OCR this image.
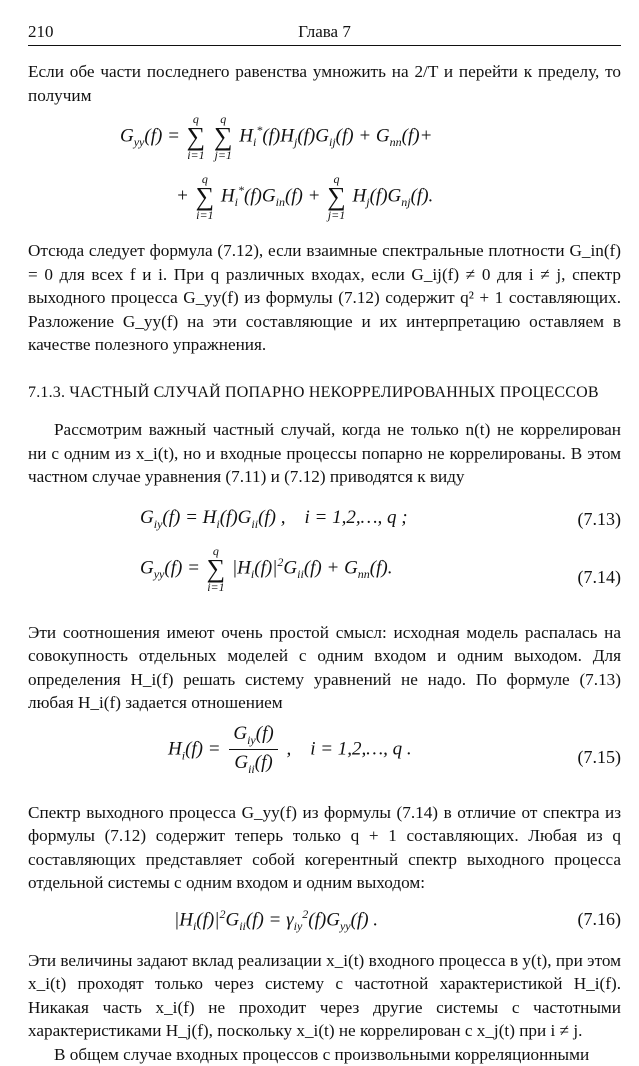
210	Глава 7

Если обе части последнего равенства умножить на 2/T и перейти к пределу, то получим

$G_{yy}(f)$ =
q
∑
i=1

q
∑
j=1
$H_i^*(f)H_j(f)G_{ij}(f) + G_{nn}(f)+$
+
q
∑
i=1
$H_i^*(f)G_{in}(f)$ +
q
∑
j=1
$H_j(f)G_{nj}(f)$.

Отсюда следует формула (7.12), если взаимные спектральные плотности G_in(f) = 0 для всех f и i. При q различных входах, если G_ij(f) ≠ 0 для i ≠ j, спектр выходного процесса G_yy(f) из формулы (7.12) содержит q² + 1 составляющих. Разложение G_yy(f) на эти составляющие и их интерпретацию оставляем в качестве полезного упражнения.

7.1.3. ЧАСТНЫЙ СЛУЧАЙ ПОПАРНО НЕКОРРЕЛИРОВАННЫХ ПРОЦЕССОВ

Рассмотрим важный частный случай, когда не только n(t) не коррелирован ни с одним из x_i(t), но и входные процессы попарно не коррелированы. В этом частном случае уравнения (7.11) и (7.12) приводятся к виду

$G_{iy}(f) = H_i(f)G_{ii}(f)$ ,    i = 1,2,…, q ;	(7.13)
$G_{yy}(f)$ =
q
∑
i=1
$|H_i(f)|^2G_{ii}(f) + G_{nn}(f)$.	(7.14)

Эти соотношения имеют очень простой смысл: исходная модель распалась на совокупность отдельных моделей с одним входом и одним выходом. Для определения H_i(f) решать систему уравнений не надо. По формуле (7.13) любая H_i(f) задается отношением

$H_i(f) = \frac{G_{iy}(f)}{G_{ii}(f)}$ ,    i = 1,2,…, q .	(7.15)

Спектр выходного процесса G_yy(f) из формулы (7.14) в отличие от спектра из формулы (7.12) содержит теперь только q + 1 составляющих. Любая из q составляющих представляет собой когерентный спектр выходного процесса отдельной системы с одним входом и одним выходом:

$|H_i(f)|^2G_{ii}(f) = \gamma_{iy}^2(f)G_{yy}(f)$ .	(7.16)

Эти величины задают вклад реализации x_i(t) входного процесса в y(t), при этом x_i(t) проходят только через систему с частотной характеристикой H_i(f). Никакая часть x_i(f) не проходит через другие системы с частотными характеристиками H_j(f), поскольку x_i(t) не коррелирован с x_j(t) при i ≠ j.

В общем случае входных процессов с произвольными корреляционными
